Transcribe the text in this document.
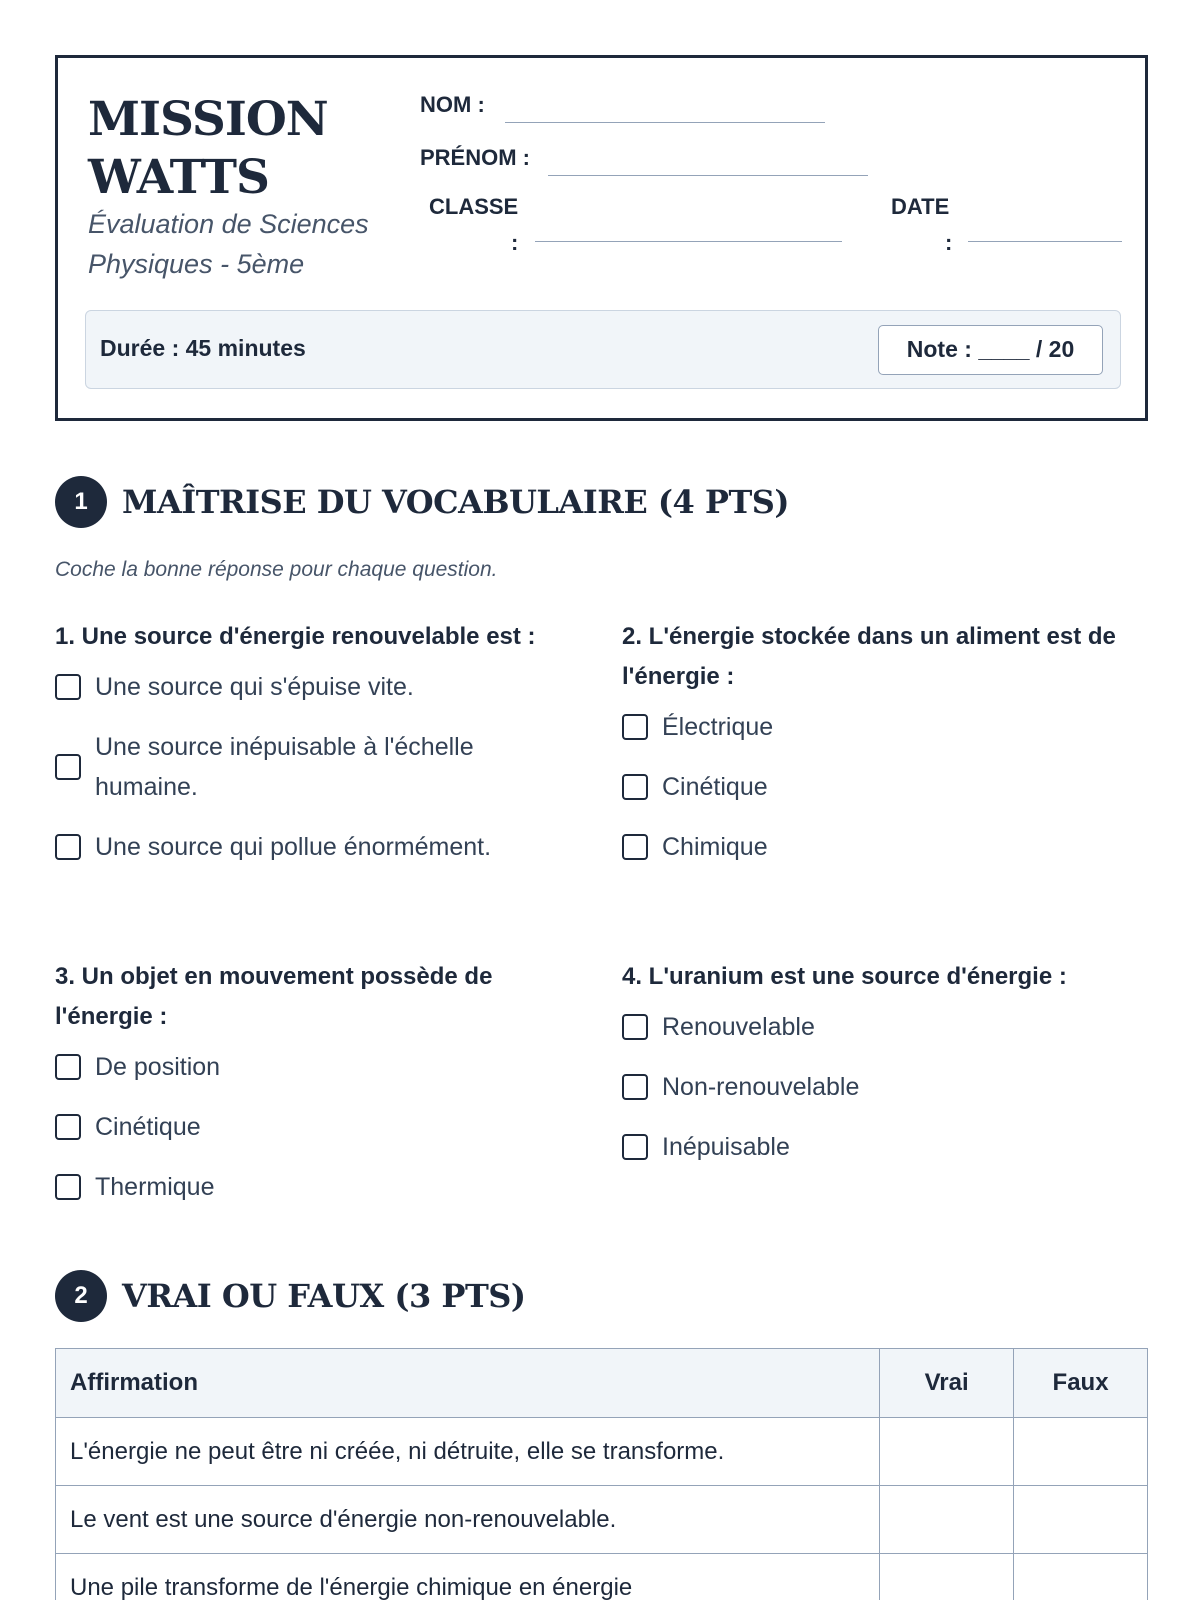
MISSION
WATTS
Évaluation de Sciences
Physiques - 5ème
NOM :
PRÉNOM :
CLASSE
:
DATE
:
Durée : 45 minutes	Note : ____ / 20
1	MAÎTRISE DU VOCABULAIRE (4 PTS)
Coche la bonne réponse pour chaque question.
1. Une source d'énergie renouvelable est :
Une source qui s'épuise vite.
Une source inépuisable à l'échelle humaine.
Une source qui pollue énormément.
2. L'énergie stockée dans un aliment est de l'énergie :
Électrique
Cinétique
Chimique
3. Un objet en mouvement possède de l'énergie :
De position
Cinétique
Thermique
4. L'uranium est une source d'énergie :
Renouvelable
Non-renouvelable
Inépuisable
2	VRAI OU FAUX (3 PTS)
Affirmation	Vrai	Faux
L'énergie ne peut être ni créée, ni détruite, elle se transforme.		
Le vent est une source d'énergie non-renouvelable.		
Une pile transforme de l'énergie chimique en énergie		
